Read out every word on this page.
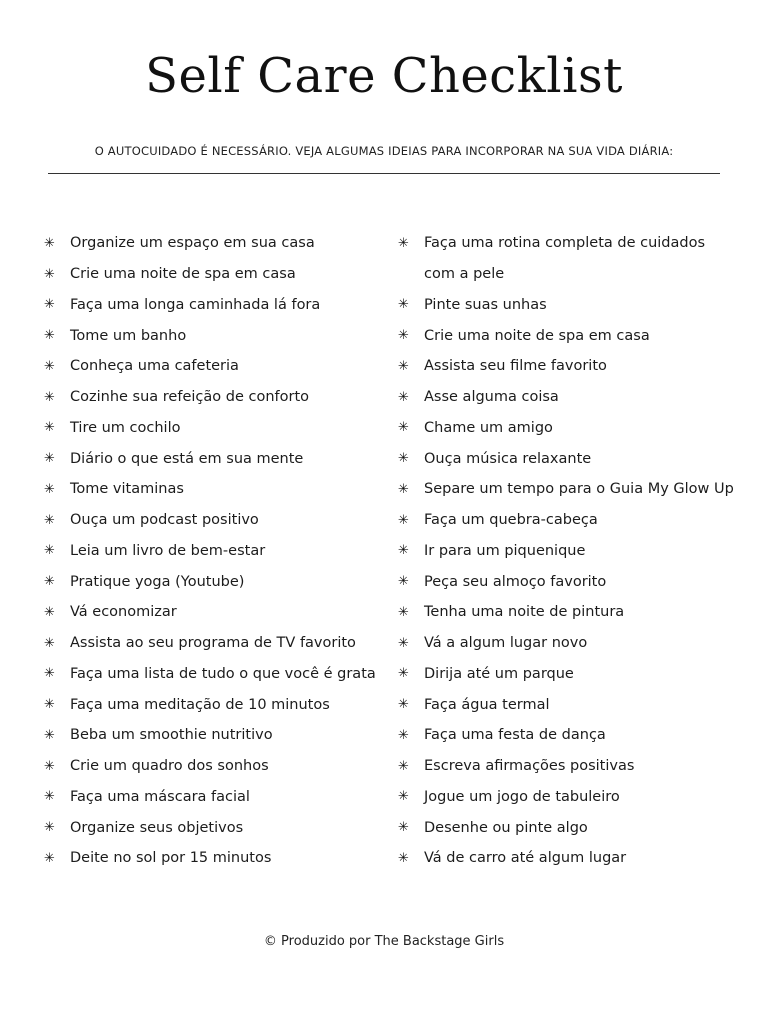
Self Care Checklist

O AUTOCUIDADO É NECESSÁRIO. VEJA ALGUMAS IDEIAS PARA INCORPORAR NA SUA VIDA DIÁRIA:

✳	Organize um espaço em sua casa
✳	Crie uma noite de spa em casa
✳	Faça uma longa caminhada lá fora
✳	Tome um banho
✳	Conheça uma cafeteria
✳	Cozinhe sua refeição de conforto
✳	Tire um cochilo
✳	Diário o que está em sua mente
✳	Tome vitaminas
✳	Ouça um podcast positivo
✳	Leia um livro de bem-estar
✳	Pratique yoga (Youtube)
✳	Vá economizar
✳	Assista ao seu programa de TV favorito
✳	Faça uma lista de tudo o que você é grata
✳	Faça uma meditação de 10 minutos
✳	Beba um smoothie nutritivo
✳	Crie um quadro dos sonhos
✳	Faça uma máscara facial
✳	Organize seus objetivos
✳	Deite no sol por 15 minutos
✳	Faça uma rotina completa de cuidados
com a pele
✳	Pinte suas unhas
✳	Crie uma noite de spa em casa
✳	Assista seu filme favorito
✳	Asse alguma coisa
✳	Chame um amigo
✳	Ouça música relaxante
✳	Separe um tempo para o Guia My Glow Up
✳	Faça um quebra-cabeça
✳	Ir para um piquenique
✳	Peça seu almoço favorito
✳	Tenha uma noite de pintura
✳	Vá a algum lugar novo
✳	Dirija até um parque
✳	Faça água termal
✳	Faça uma festa de dança
✳	Escreva afirmações positivas
✳	Jogue um jogo de tabuleiro
✳	Desenhe ou pinte algo
✳	Vá de carro até algum lugar

© Produzido por The Backstage Girls
